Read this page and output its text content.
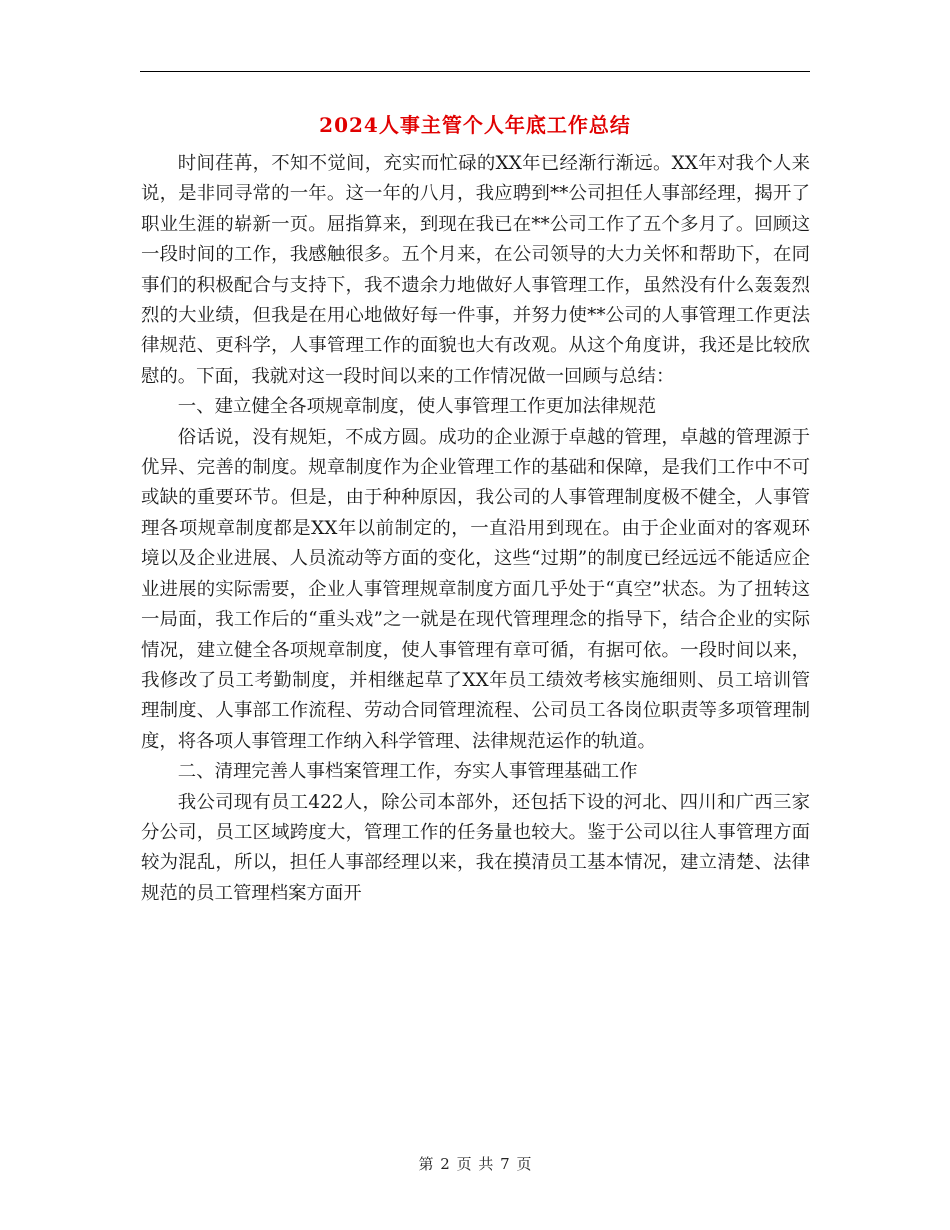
2024人事主管个人年底工作总结

时间荏苒，不知不觉间，充实而忙碌的XX年已经渐行渐远。XX年对我个人来说，是非同寻常的一年。这一年的八月，我应聘到**公司担任人事部经理，揭开了职业生涯的崭新一页。屈指算来，到现在我已在**公司工作了五个多月了。回顾这一段时间的工作，我感触很多。五个月来，在公司领导的大力关怀和帮助下，在同事们的积极配合与支持下，我不遗余力地做好人事管理工作，虽然没有什么轰轰烈烈的大业绩，但我是在用心地做好每一件事，并努力使**公司的人事管理工作更法律规范、更科学，人事管理工作的面貌也大有改观。从这个角度讲，我还是比较欣慰的。下面，我就对这一段时间以来的工作情况做一回顾与总结：

一、建立健全各项规章制度，使人事管理工作更加法律规范

俗话说，没有规矩，不成方圆。成功的企业源于卓越的管理，卓越的管理源于优异、完善的制度。规章制度作为企业管理工作的基础和保障，是我们工作中不可或缺的重要环节。但是，由于种种原因，我公司的人事管理制度极不健全，人事管理各项规章制度都是XX年以前制定的，一直沿用到现在。由于企业面对的客观环境以及企业进展、人员流动等方面的变化，这些“过期”的制度已经远远不能适应企业进展的实际需要，企业人事管理规章制度方面几乎处于“真空”状态。为了扭转这一局面，我工作后的“重头戏”之一就是在现代管理理念的指导下，结合企业的实际情况，建立健全各项规章制度，使人事管理有章可循，有据可依。一段时间以来，我修改了员工考勤制度，并相继起草了XX年员工绩效考核实施细则、员工培训管理制度、人事部工作流程、劳动合同管理流程、公司员工各岗位职责等多项管理制度，将各项人事管理工作纳入科学管理、法律规范运作的轨道。

二、清理完善人事档案管理工作，夯实人事管理基础工作

我公司现有员工422人，除公司本部外，还包括下设的河北、四川和广西三家分公司，员工区域跨度大，管理工作的任务量也较大。鉴于公司以往人事管理方面较为混乱，所以，担任人事部经理以来，我在摸清员工基本情况，建立清楚、法律规范的员工管理档案方面开

第 2 页 共 7 页
